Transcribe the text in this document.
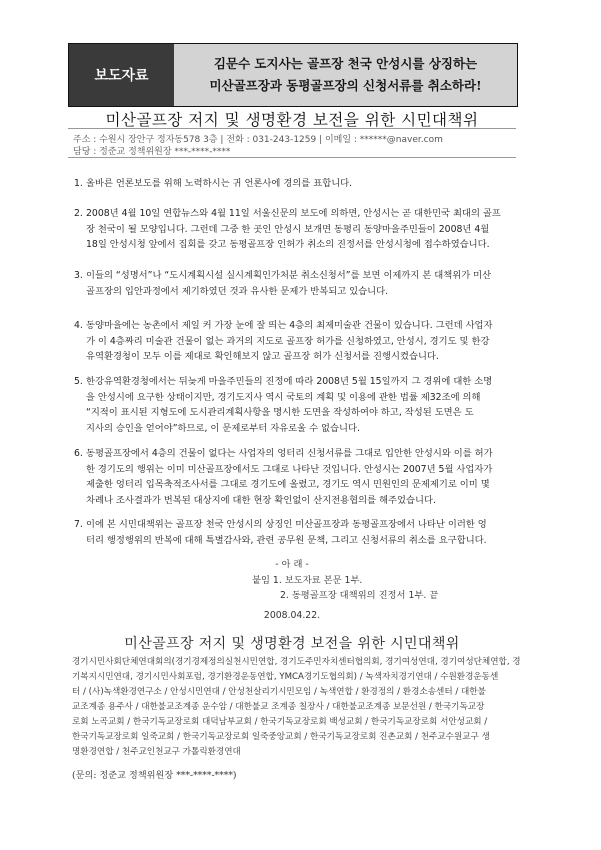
보도자료
김문수 도지사는 골프장 천국 안성시를 상징하는
미산골프장과 동평골프장의 신청서류를 취소하라!
미산골프장 저지 및 생명환경 보전을 위한 시민대책위
주소 : 수원시 장안구 정자동578 3층 | 전화 : 031-243-1259 | 이메일 : ******@naver.com
담당 : 정준교 정책위원장 ***-****-****
1. 올바른 언론보도를 위해 노력하시는 귀 언론사에 경의를 표합니다.
2. 2008년 4월 10일 연합뉴스와 4월 11일 서울신문의 보도에 의하면, 안성시는 곧 대한민국 최대의 골프
장 천국이 될 모양입니다. 그런데 그중 한 곳인 안성시 보개면 동평리 동양마을주민들이 2008년 4월
18일 안성시청 앞에서 집회를 갖고 동평골프장 인허가 취소의 진정서를 안성시청에 접수하였습니다.
3. 이들의 “성명서”나 “도시계획시설 실시계획인가처분 취소신청서”를 보면 이제까지 본 대책위가 미산
골프장의 입안과정에서 제기하였던 것과 유사한 문제가 반복되고 있습니다.
4. 동양마을에는 농촌에서 제일 커 가장 눈에 잘 띄는 4층의 최제미술관 건물이 있습니다. 그런데 사업자
가 이 4층짜리 미술관 건물이 없는 과거의 지도로 골프장 허가를 신청하였고, 안성시, 경기도 및 한강
유역환경청이 모두 이를 제대로 확인해보지 않고 골프장 허가 신청서를 진행시켰습니다.
5. 한강유역환경청에서는 뒤늦게 마을주민들의 진정에 따라 2008년 5월 15일까지 그 경위에 대한 소명
을 안성시에 요구한 상태이지만, 경기도지사 역시 국토의 계획 및 이용에 관한 법률 제32조에 의해
“지적이 표시된 지형도에 도시관리계획사항을 명시한 도면을 작성하여야 하고, 작성된 도면은 도
지사의 승인을 얻어야”하므로, 이 문제로부터 자유로울 수 없습니다.
6. 동평골프장에서 4층의 건물이 없다는 사업자의 엉터리 신청서류를 그대로 입안한 안성시와 이를 허가
한 경기도의 행위는 이미 미산골프장에서도 그대로 나타난 것입니다. 안성시는 2007년 5월 사업자가
제출한 엉터리 입목축적조사서를 그대로 경기도에 올렸고, 경기도 역시 민원인의 문제제기로 이미 몇
차례나 조사결과가 번복된 대상지에 대한 현장 확인없이 산지전용협의를 해주었습니다.
7. 이에 본 시민대책위는 골프장 천국 안성시의 상징인 미산골프장과 동평골프장에서 나타난 이러한 엉
터리 행정행위의 반복에 대해 특별감사와, 관련 공무원 문책, 그리고 신청서류의 취소를 요구합니다.
- 아 래 -
붙임 1. 보도자료 본문 1부.
2. 동평골프장 대책위의 진정서 1부. 끝
2008.04.22.
미산골프장 저지 및 생명환경 보전을 위한 시민대책위
경기시민사회단체연대회의(경기경제정의실천시민연합, 경기도주민자치센터협의회, 경기여성연대, 경기여성단체연합, 경
기복지시민연대, 경기시민사회포럼, 경기환경운동연합, YMCA경기도협의회) / 녹색자치경기연대 / 수원환경운동센
터 / (사)녹색환경연구소 / 안성시민연대 / 안성천살리기시민모임 / 녹색연합 / 환경정의 / 환경소송센터 / 대한불
교조계종 용주사 / 대한불교조계종 운수암 / 대한불교 조계종 칠장사 / 대한불교조계종 보문선원 / 한국기독교장
로회 노곡교회 / 한국기독교장로회 대덕남부교회 / 한국기독교장로회 백성교회 / 한국기독교장로회 서안성교회 /
한국기독교장로회 일죽교회 / 한국기독교장로회 일죽중앙교회 / 한국기독교장로회 진촌교회 / 천주교수원교구 생
명환경연합 / 천주교인천교구 가톨릭환경연대
(문의: 정준교 정책위원장 ***-****-****)
